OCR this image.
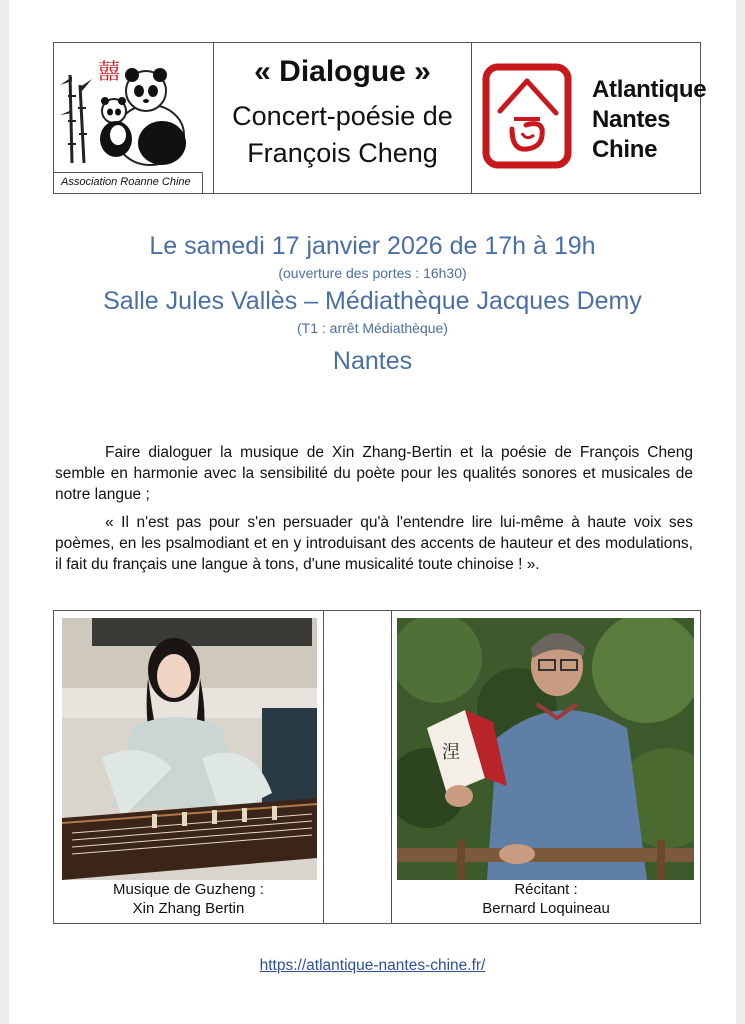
囍
Association Roanne Chine
« Dialogue »
Concert-poésie de
François Cheng
Atlantique
Nantes
Chine
Le samedi 17 janvier 2026 de 17h à 19h
(ouverture des portes : 16h30)
Salle Jules Vallès – Médiathèque Jacques Demy
(T1 : arrêt Médiathèque)
Nantes
Faire dialoguer la musique de Xin Zhang-Bertin et la poésie de François Cheng semble en harmonie avec la sensibilité du poète pour les qualités sonores et musicales de notre langue ;
« Il n'est pas pour s'en persuader qu'à l'entendre lire lui-même à haute voix ses poèmes, en les psalmodiant et en y introduisant des accents de hauteur et des modulations, il fait du français une langue à tons, d'une musicalité toute chinoise ! ».
Musique de Guzheng :
Xin Zhang Bertin
涅
Récitant :
Bernard Loquineau
https://atlantique-nantes-chine.fr/
